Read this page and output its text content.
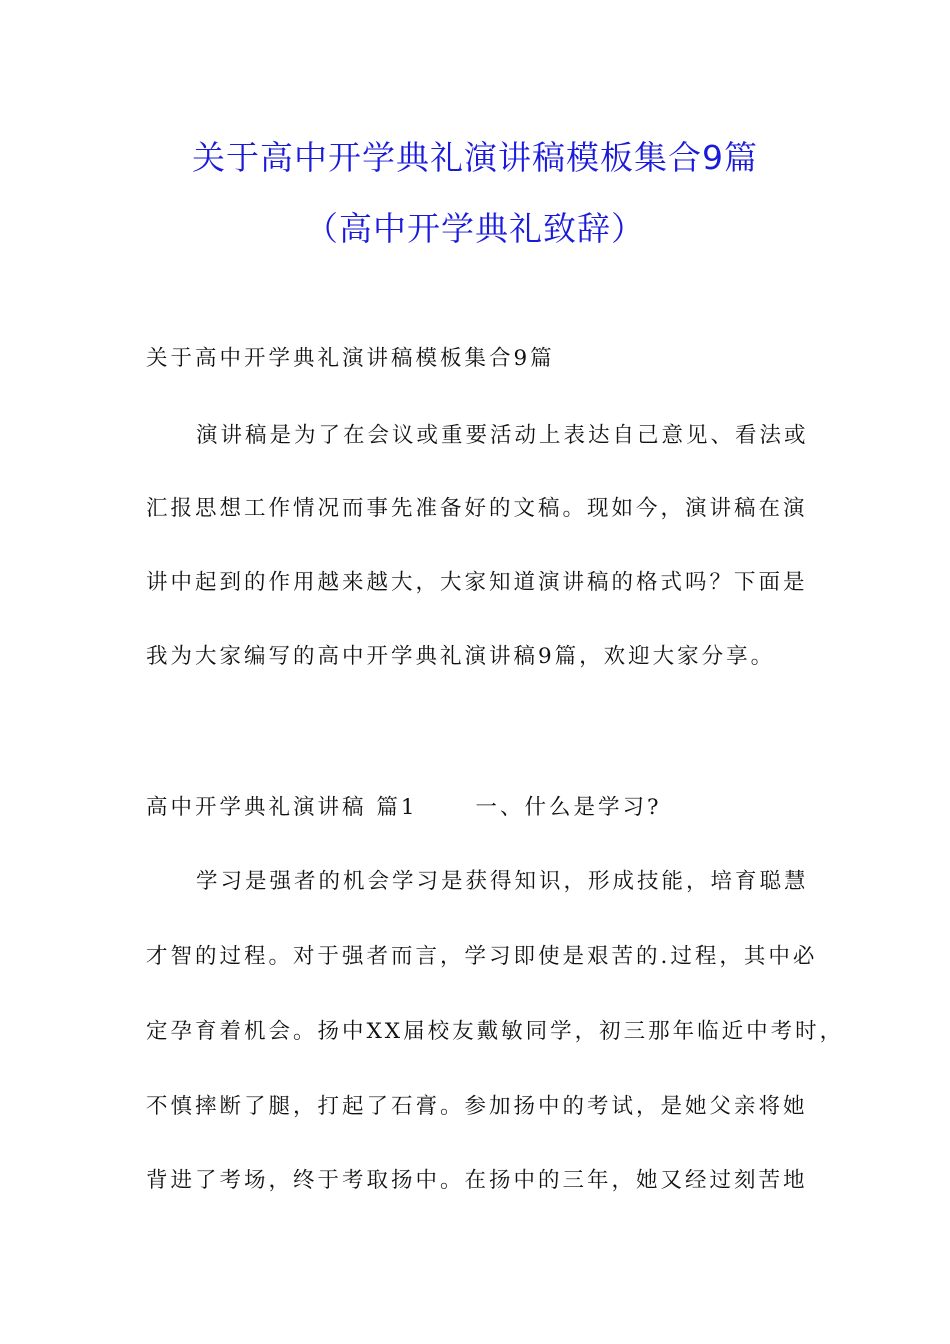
关于高中开学典礼演讲稿模板集合9篇
（高中开学典礼致辞）
关于高中开学典礼演讲稿模板集合9篇
演讲稿是为了在会议或重要活动上表达自己意见、看法或
汇报思想工作情况而事先准备好的文稿。现如今，演讲稿在演
讲中起到的作用越来越大，大家知道演讲稿的格式吗？下面是
我为大家编写的高中开学典礼演讲稿9篇，欢迎大家分享。
高中开学典礼演讲稿 篇1	一、什么是学习?
学习是强者的机会学习是获得知识，形成技能，培育聪慧
才智的过程。对于强者而言，学习即使是艰苦的.过程，其中必
定孕育着机会。扬中XX届校友戴敏同学，初三那年临近中考时，
不慎摔断了腿，打起了石膏。参加扬中的考试，是她父亲将她
背进了考场，终于考取扬中。在扬中的三年，她又经过刻苦地
